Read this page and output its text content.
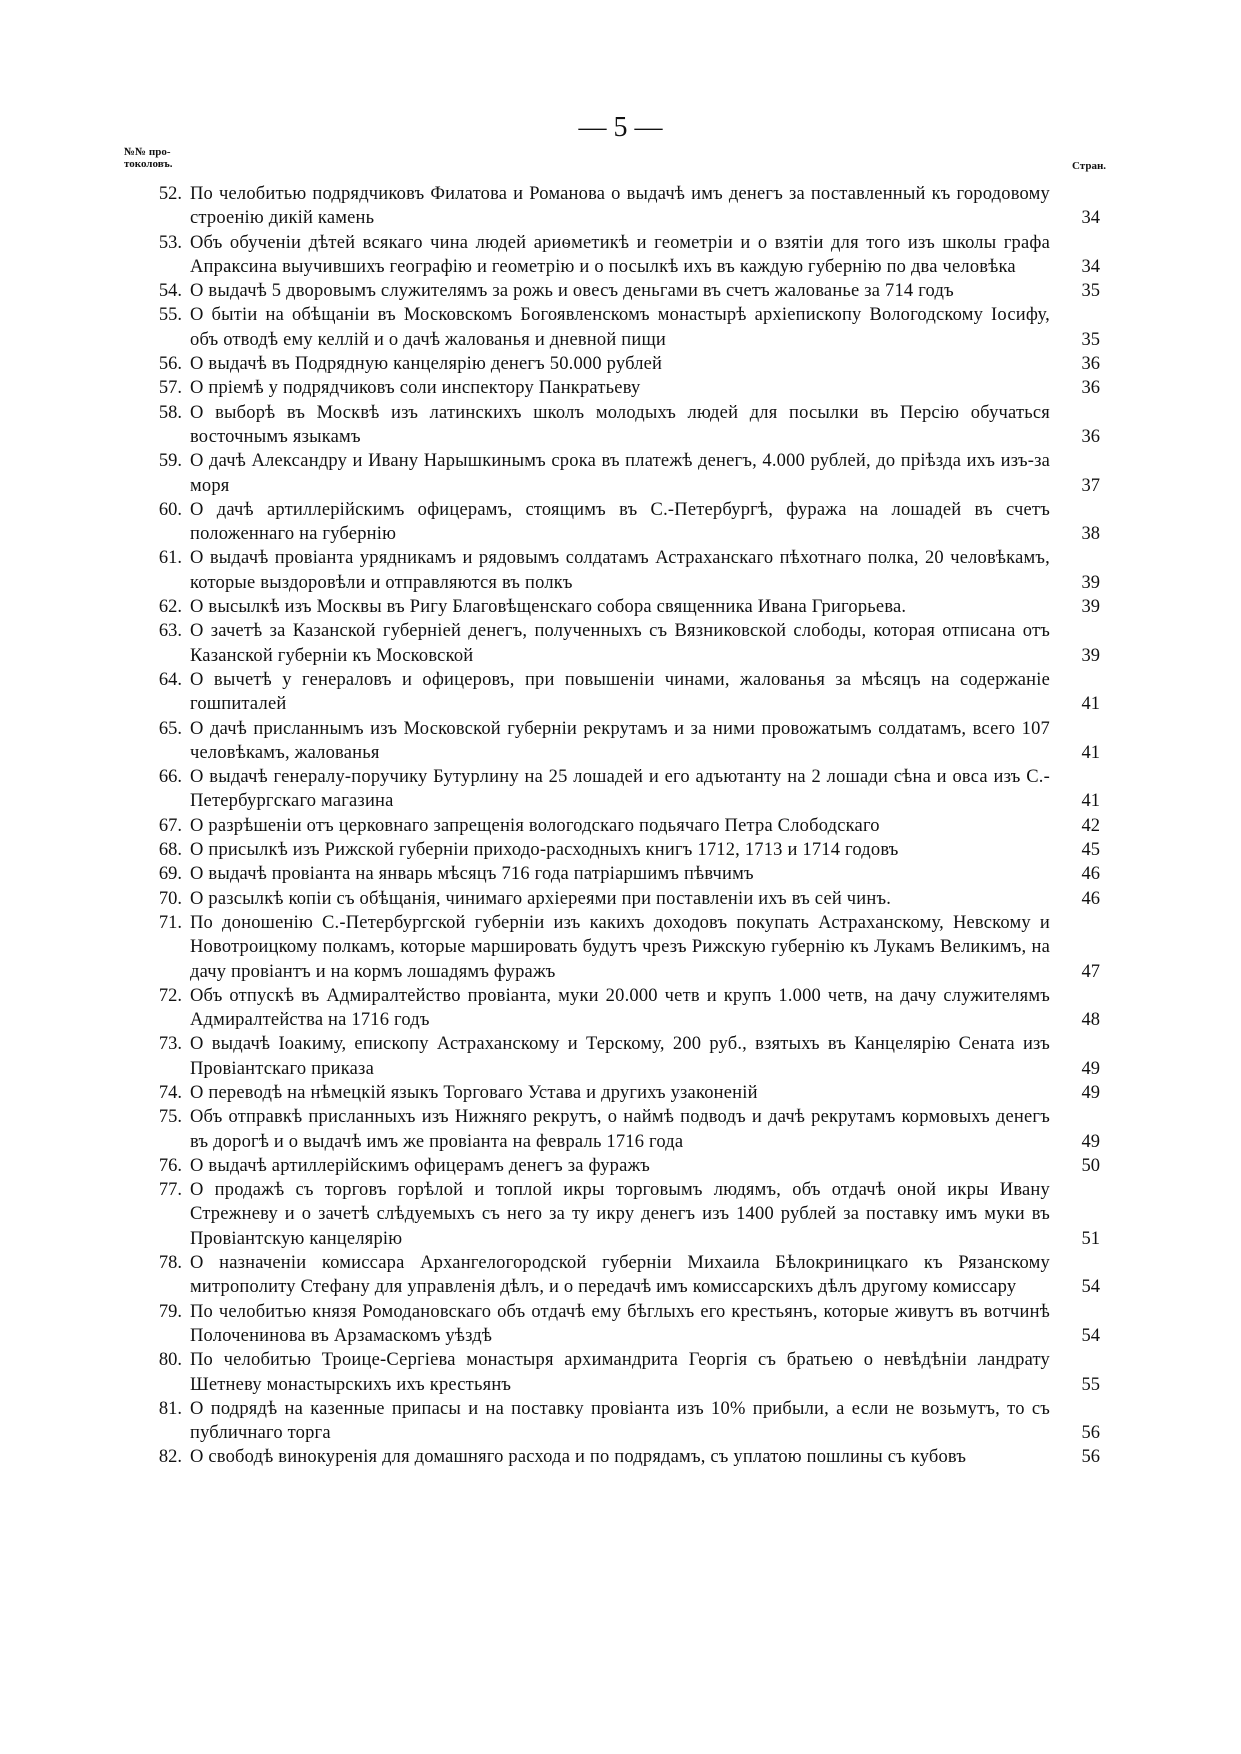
— 5 —
№№ про-
токоловъ.	Стран.
52. По челобитью подрядчиковъ Филатова и Романова о выдачѣ имъ денегъ за поставленный къ городовому строенію дикій камень	34
53. Объ обученіи дѣтей всякаго чина людей ариѳметикѣ и геометріи и о взятіи для того изъ школы графа Апраксина выучившихъ географію и геометрію и о посылкѣ ихъ въ каждую губернію по два человѣка	34
54. О выдачѣ 5 дворовымъ служителямъ за рожь и овесъ деньгами въ счетъ жалованье за 714 годъ	35
55. О бытіи на обѣщаніи въ Московскомъ Богоявленскомъ монастырѣ архіепископу Вологодскому Іосифу, объ отводѣ ему келлій и о дачѣ жалованья и дневной пищи	35
56. О выдачѣ въ Подрядную канцелярію денегъ 50.000 рублей	36
57. О пріемѣ у подрядчиковъ соли инспектору Панкратьеву	36
58. О выборѣ въ Москвѣ изъ латинскихъ школъ молодыхъ людей для посылки въ Персію обучаться восточнымъ языкамъ	36
59. О дачѣ Александру и Ивану Нарышкинымъ срока въ платежѣ денегъ, 4.000 рублей, до пріѣзда ихъ изъ-за моря	37
60. О дачѣ артиллерійскимъ офицерамъ, стоящимъ въ С.-Петербургѣ, фуража на лошадей въ счетъ положеннаго на губернію	38
61. О выдачѣ провіанта урядникамъ и рядовымъ солдатамъ Астраханскаго пѣхотнаго полка, 20 человѣкамъ, которые выздоровѣли и отправляются въ полкъ	39
62. О высылкѣ изъ Москвы въ Ригу Благовѣщенскаго собора священника Ивана Григорьева.	39
63. О зачетѣ за Казанской губерніей денегъ, полученныхъ съ Вязниковской слободы, которая отписана отъ Казанской губерніи къ Московской	39
64. О вычетѣ у генераловъ и офицеровъ, при повышеніи чинами, жалованья за мѣсяцъ на содержаніе гошпиталей	41
65. О дачѣ присланнымъ изъ Московской губерніи рекрутамъ и за ними провожатымъ солдатамъ, всего 107 человѣкамъ, жалованья	41
66. О выдачѣ генералу-поручику Бутурлину на 25 лошадей и его адъютанту на 2 лошади сѣна и овса изъ С.-Петербургскаго магазина	41
67. О разрѣшеніи отъ церковнаго запрещенія вологодскаго подьячаго Петра Слободскаго	42
68. О присылкѣ изъ Рижской губерніи приходо-расходныхъ книгъ 1712, 1713 и 1714 годовъ	45
69. О выдачѣ провіанта на январь мѣсяцъ 716 года патріаршимъ пѣвчимъ	46
70. О разсылкѣ копіи съ обѣщанія, чинимаго архіереями при поставленіи ихъ въ сей чинъ.	46
71. По доношенію С.-Петербургской губерніи изъ какихъ доходовъ покупать Астраханскому, Невскому и Новотроицкому полкамъ, которые маршировать будутъ чрезъ Рижскую губернію къ Лукамъ Великимъ, на дачу провіантъ и на кормъ лошадямъ фуражъ	47
72. Объ отпускѣ въ Адмиралтейство провіанта, муки 20.000 четв и крупъ 1.000 четв, на дачу служителямъ Адмиралтейства на 1716 годъ	48
73. О выдачѣ Іоакиму, епископу Астраханскому и Терскому, 200 руб., взятыхъ въ Канцелярію Сената изъ Провіантскаго приказа	49
74. О переводѣ на нѣмецкій языкъ Торговаго Устава и другихъ узаконеній	49
75. Объ отправкѣ присланныхъ изъ Нижняго рекрутъ, о наймѣ подводъ и дачѣ рекрутамъ кормовыхъ денегъ въ дорогѣ и о выдачѣ имъ же провіанта на февраль 1716 года	49
76. О выдачѣ артиллерійскимъ офицерамъ денегъ за фуражъ	50
77. О продажѣ съ торговъ горѣлой и топлой икры торговымъ людямъ, объ отдачѣ оной икры Ивану Стрежневу и о зачетѣ слѣдуемыхъ съ него за ту икру денегъ изъ 1400 рублей за поставку имъ муки въ Провіантскую канцелярію	51
78. О назначеніи комиссара Архангелогородской губерніи Михаила Бѣлокриницкаго къ Рязанскому митрополиту Стефану для управленія дѣлъ, и о передачѣ имъ комиссарскихъ дѣлъ другому комиссару	54
79. По челобитью князя Ромодановскаго объ отдачѣ ему бѣглыхъ его крестьянъ, которые живутъ въ вотчинѣ Полоченинова въ Арзамаскомъ уѣздѣ	54
80. По челобитью Троице-Сергіева монастыря архимандрита Георгія съ братьею о невѣдѣніи ландрату Шетневу монастырскихъ ихъ крестьянъ	55
81. О подрядѣ на казенные припасы и на поставку провіанта изъ 10% прибыли, а если не возьмутъ, то съ публичнаго торга	56
82. О свободѣ винокуренія для домашняго расхода и по подрядамъ, съ уплатою пошлины съ кубовъ	56
